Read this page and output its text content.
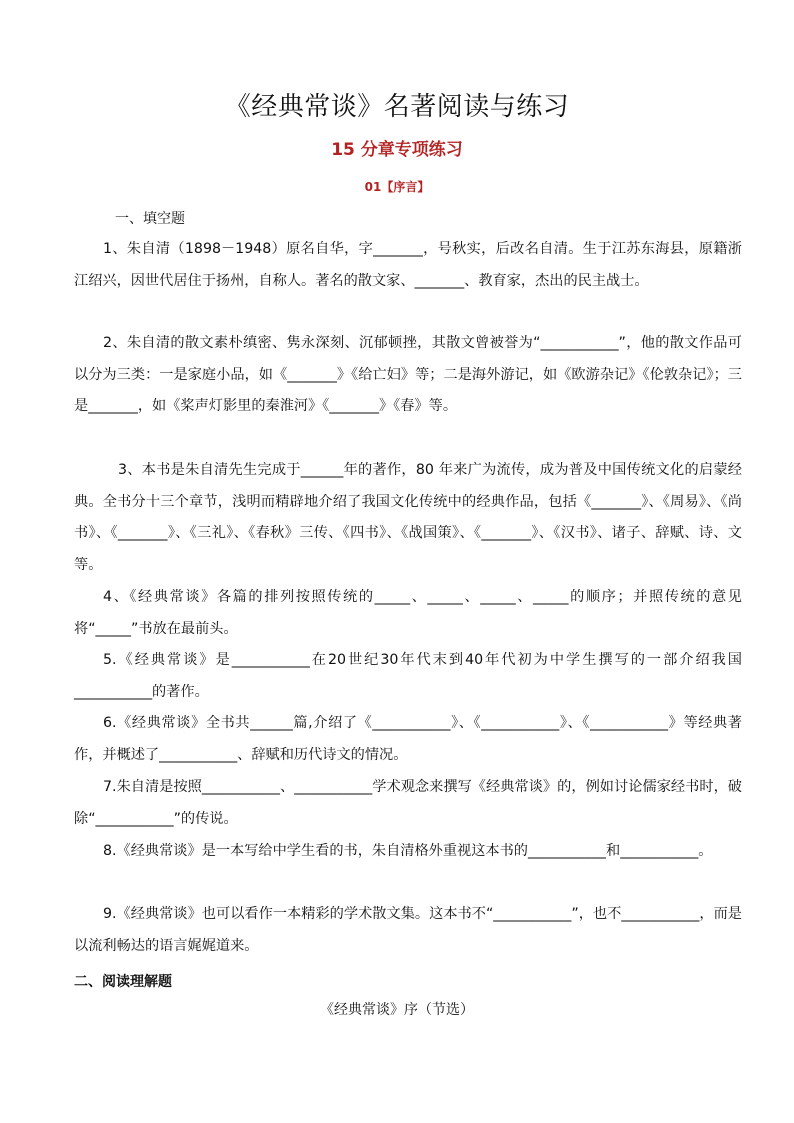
《经典常谈》名著阅读与练习
15 分章专项练习
01【序言】
一、填空题
1、朱自清（1898－1948）原名自华，字_______，号秋实，后改名自清。生于江苏东海县，原籍浙江绍兴，因世代居住于扬州，自称人。著名的散文家、_______、教育家，杰出的民主战士。
2、朱自清的散文素朴缜密、隽永深刻、沉郁顿挫，其散文曾被誉为“___________”，他的散文作品可以分为三类：一是家庭小品，如《_______》《给亡妇》等；二是海外游记，如《欧游杂记》《伦敦杂记》；三是_______，如《桨声灯影里的秦淮河》《_______》《春》等。
3、本书是朱自清先生完成于______年的著作，80 年来广为流传，成为普及中国传统文化的启蒙经典。全书分十三个章节，浅明而精辟地介绍了我国文化传统中的经典作品，包括《_______》、《周易》、《尚书》、《_______》、《三礼》、《春秋》三传、《四书》、《战国策》、《_______》、《汉书》、诸子、辞赋、诗、文等。
4、《经典常谈》各篇的排列按照传统的_____、_____、_____、_____的顺序；并照传统的意见将“_____”书放在最前头。
5.《经典常谈》是___________在20世纪30年代末到40年代初为中学生撰写的一部介绍我国___________的著作。
6.《经典常谈》全书共______篇,介绍了《___________》、《___________》、《___________》等经典著作，并概述了___________、辞赋和历代诗文的情况。
7.朱自清是按照___________、___________学术观念来撰写《经典常谈》的，例如讨论儒家经书时，破除“___________”的传说。
8.《经典常谈》是一本写给中学生看的书，朱自清格外重视这本书的___________和___________。
9.《经典常谈》也可以看作一本精彩的学术散文集。这本书不“___________”，也不___________，而是以流利畅达的语言娓娓道来。
二、阅读理解题
《经典常谈》序（节选）
